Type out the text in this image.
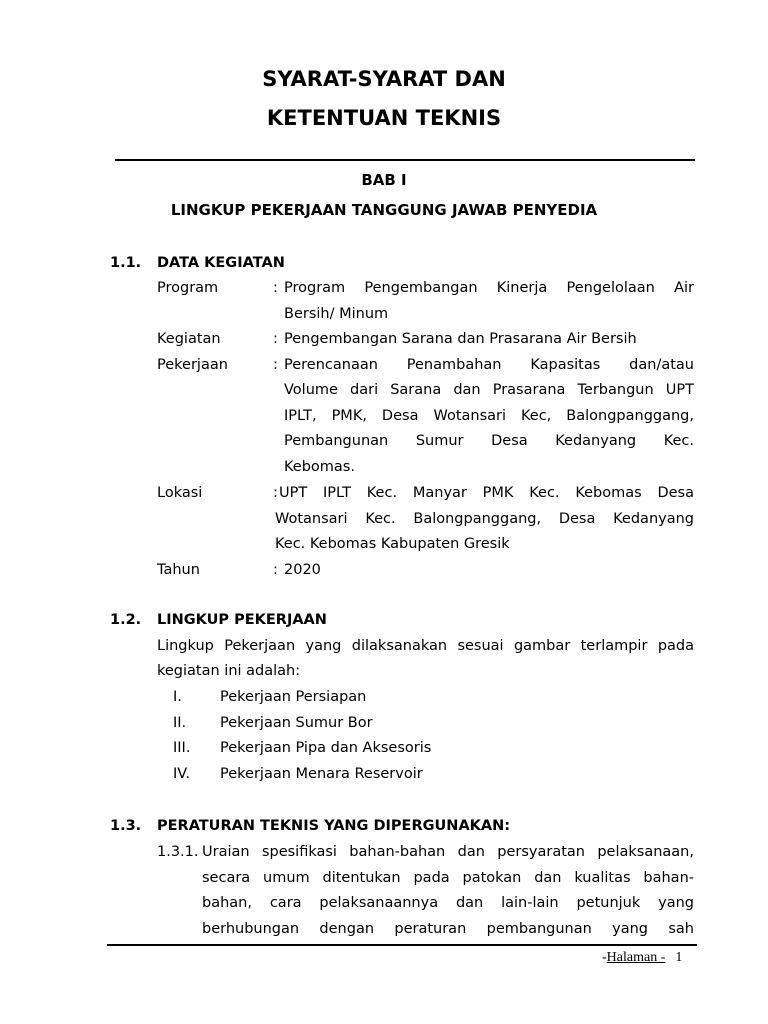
SYARAT-SYARAT DAN
KETENTUAN TEKNIS
BAB I
LINGKUP PEKERJAAN TANGGUNG JAWAB PENYEDIA
1.1. DATA KEGIATAN
Program	: Program Pengembangan Kinerja Pengelolaan Air
Bersih/ Minum
Kegiatan	: Pengembangan Sarana dan Prasarana Air Bersih
Pekerjaan	: Perencanaan Penambahan Kapasitas dan/atau
Volume dari Sarana dan Prasarana Terbangun UPT
IPLT, PMK, Desa Wotansari Kec, Balongpanggang,
Pembangunan Sumur Desa Kedanyang Kec.
Kebomas.
Lokasi	: UPT IPLT Kec. Manyar PMK Kec. Kebomas Desa
Wotansari Kec. Balongpanggang, Desa Kedanyang
Kec. Kebomas Kabupaten Gresik
Tahun	: 2020
1.2. LINGKUP PEKERJAAN
Lingkup Pekerjaan yang dilaksanakan sesuai gambar terlampir pada
kegiatan ini adalah:
I.	Pekerjaan Persiapan
II. Pekerjaan Sumur Bor
III. Pekerjaan Pipa dan Aksesoris
IV. Pekerjaan Menara Reservoir
1.3. PERATURAN TEKNIS YANG DIPERGUNAKAN:
1.3.1. Uraian spesifikasi bahan-bahan dan persyaratan pelaksanaan,
secara umum ditentukan pada patokan dan kualitas bahan-
bahan, cara pelaksanaannya dan lain-lain petunjuk yang
berhubungan dengan peraturan pembangunan yang sah
-Halaman - 1
